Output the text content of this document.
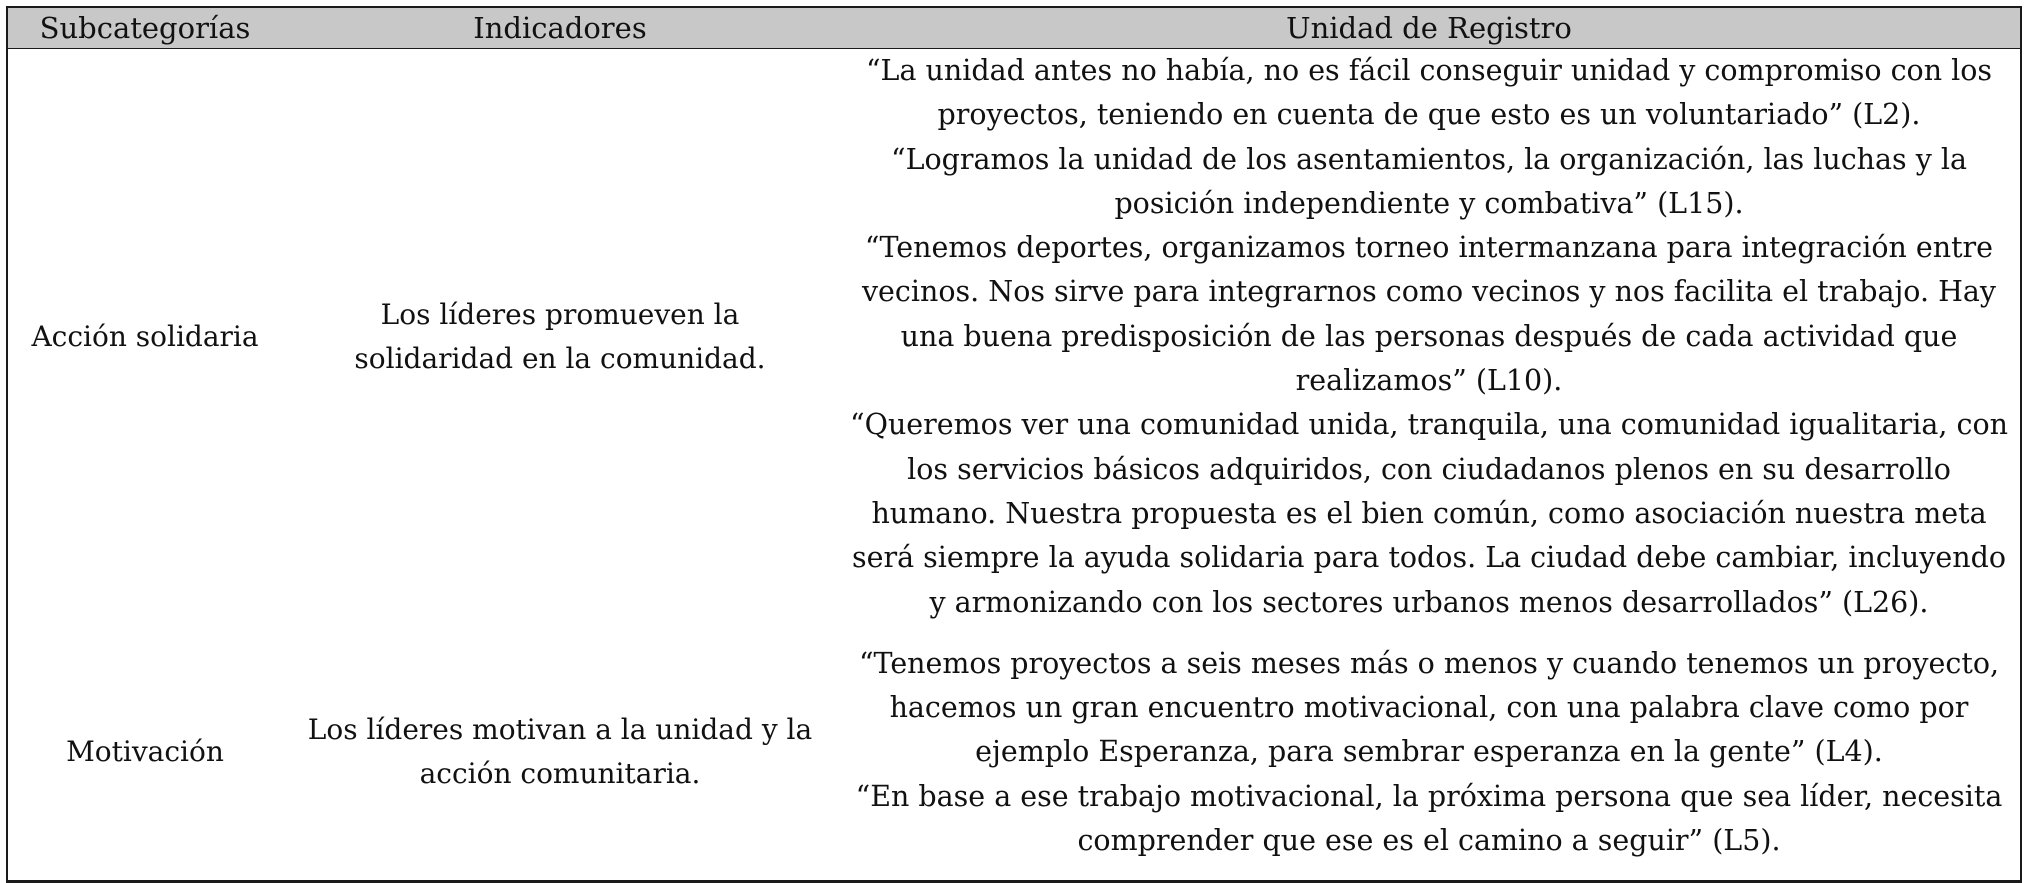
Subcategorías	Indicadores	Unidad de Registro
Acción solidaria	Los líderes promueven la solidaridad en la comunidad.	“La unidad antes no había, no es fácil conseguir unidad y compromiso con los proyectos, teniendo en cuenta de que esto es un voluntariado” (L2).
“Logramos la unidad de los asentamientos, la organización, las luchas y la posición independiente y combativa” (L15).
“Tenemos deportes, organizamos torneo intermanzana para integración entre vecinos. Nos sirve para integrarnos como vecinos y nos facilita el trabajo. Hay una buena predisposición de las personas después de cada actividad que realizamos” (L10).
“Queremos ver una comunidad unida, tranquila, una comunidad igualitaria, con los servicios básicos adquiridos, con ciudadanos plenos en su desarrollo humano. Nuestra propuesta es el bien común, como asociación nuestra meta será siempre la ayuda solidaria para todos. La ciudad debe cambiar, incluyendo y armonizando con los sectores urbanos menos desarrollados” (L26).

Motivación	Los líderes motivan a la unidad y la acción comunitaria.	“Tenemos proyectos a seis meses más o menos y cuando tenemos un proyecto, hacemos un gran encuentro motivacional, con una palabra clave como por ejemplo Esperanza, para sembrar esperanza en la gente” (L4).
“En base a ese trabajo motivacional, la próxima persona que sea líder, necesita comprender que ese es el camino a seguir” (L5).
